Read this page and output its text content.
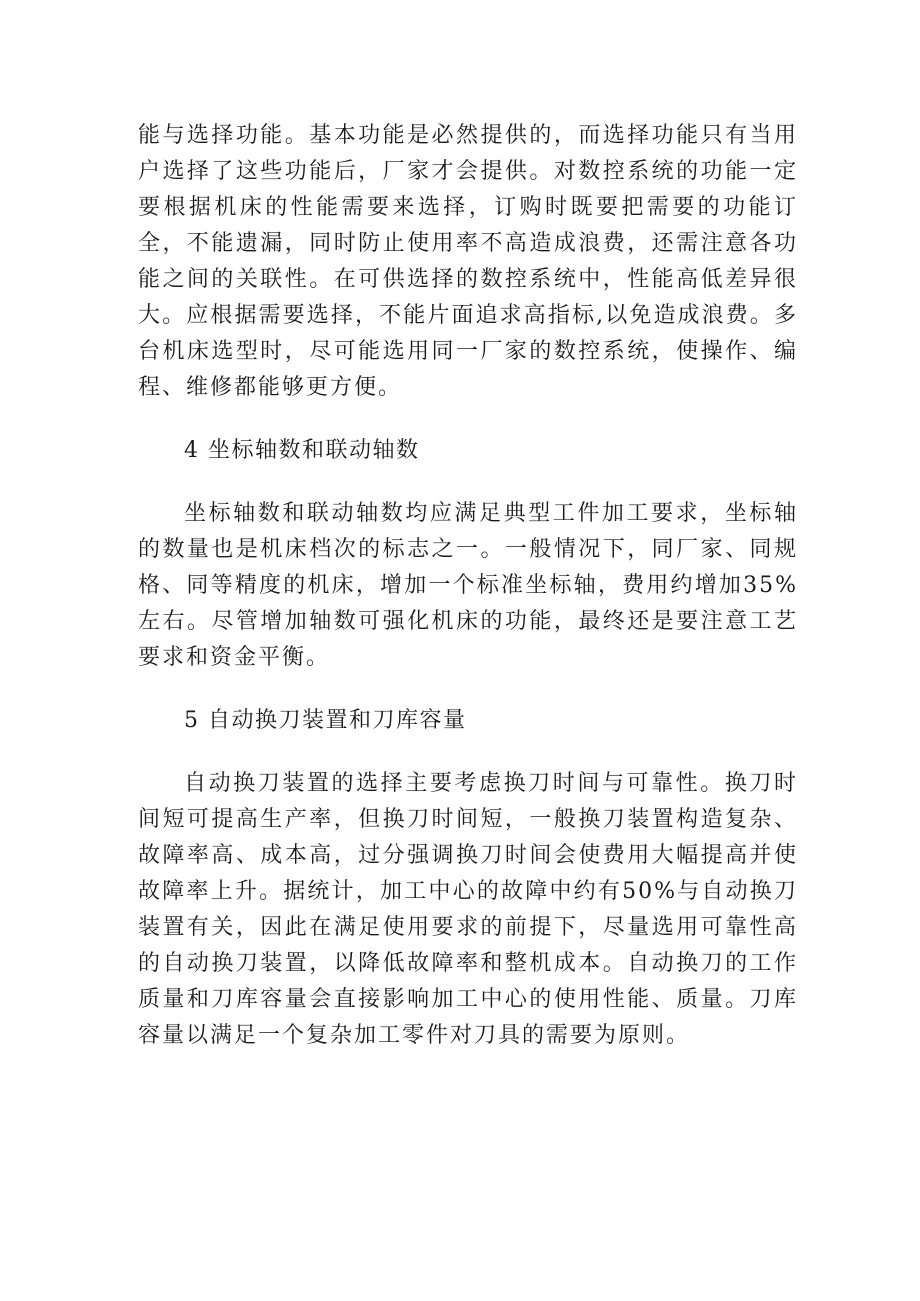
能与选择功能。基本功能是必然提供的，而选择功能只有当用户选择了这些功能后，厂家才会提供。对数控系统的功能一定要根据机床的性能需要来选择，订购时既要把需要的功能订全，不能遗漏，同时防止使用率不高造成浪费，还需注意各功能之间的关联性。在可供选择的数控系统中，性能高低差异很大。应根据需要选择，不能片面追求高指标,以免造成浪费。多台机床选型时，尽可能选用同一厂家的数控系统，使操作、编程、维修都能够更方便。

4 坐标轴数和联动轴数

坐标轴数和联动轴数均应满足典型工件加工要求，坐标轴的数量也是机床档次的标志之一。一般情况下，同厂家、同规格、同等精度的机床，增加一个标准坐标轴，费用约增加35%左右。尽管增加轴数可强化机床的功能，最终还是要注意工艺要求和资金平衡。

5 自动换刀装置和刀库容量

自动换刀装置的选择主要考虑换刀时间与可靠性。换刀时间短可提高生产率，但换刀时间短，一般换刀装置构造复杂、故障率高、成本高，过分强调换刀时间会使费用大幅提高并使故障率上升。据统计，加工中心的故障中约有50%与自动换刀装置有关，因此在满足使用要求的前提下，尽量选用可靠性高的自动换刀装置，以降低故障率和整机成本。自动换刀的工作质量和刀库容量会直接影响加工中心的使用性能、质量。刀库容量以满足一个复杂加工零件对刀具的需要为原则。
